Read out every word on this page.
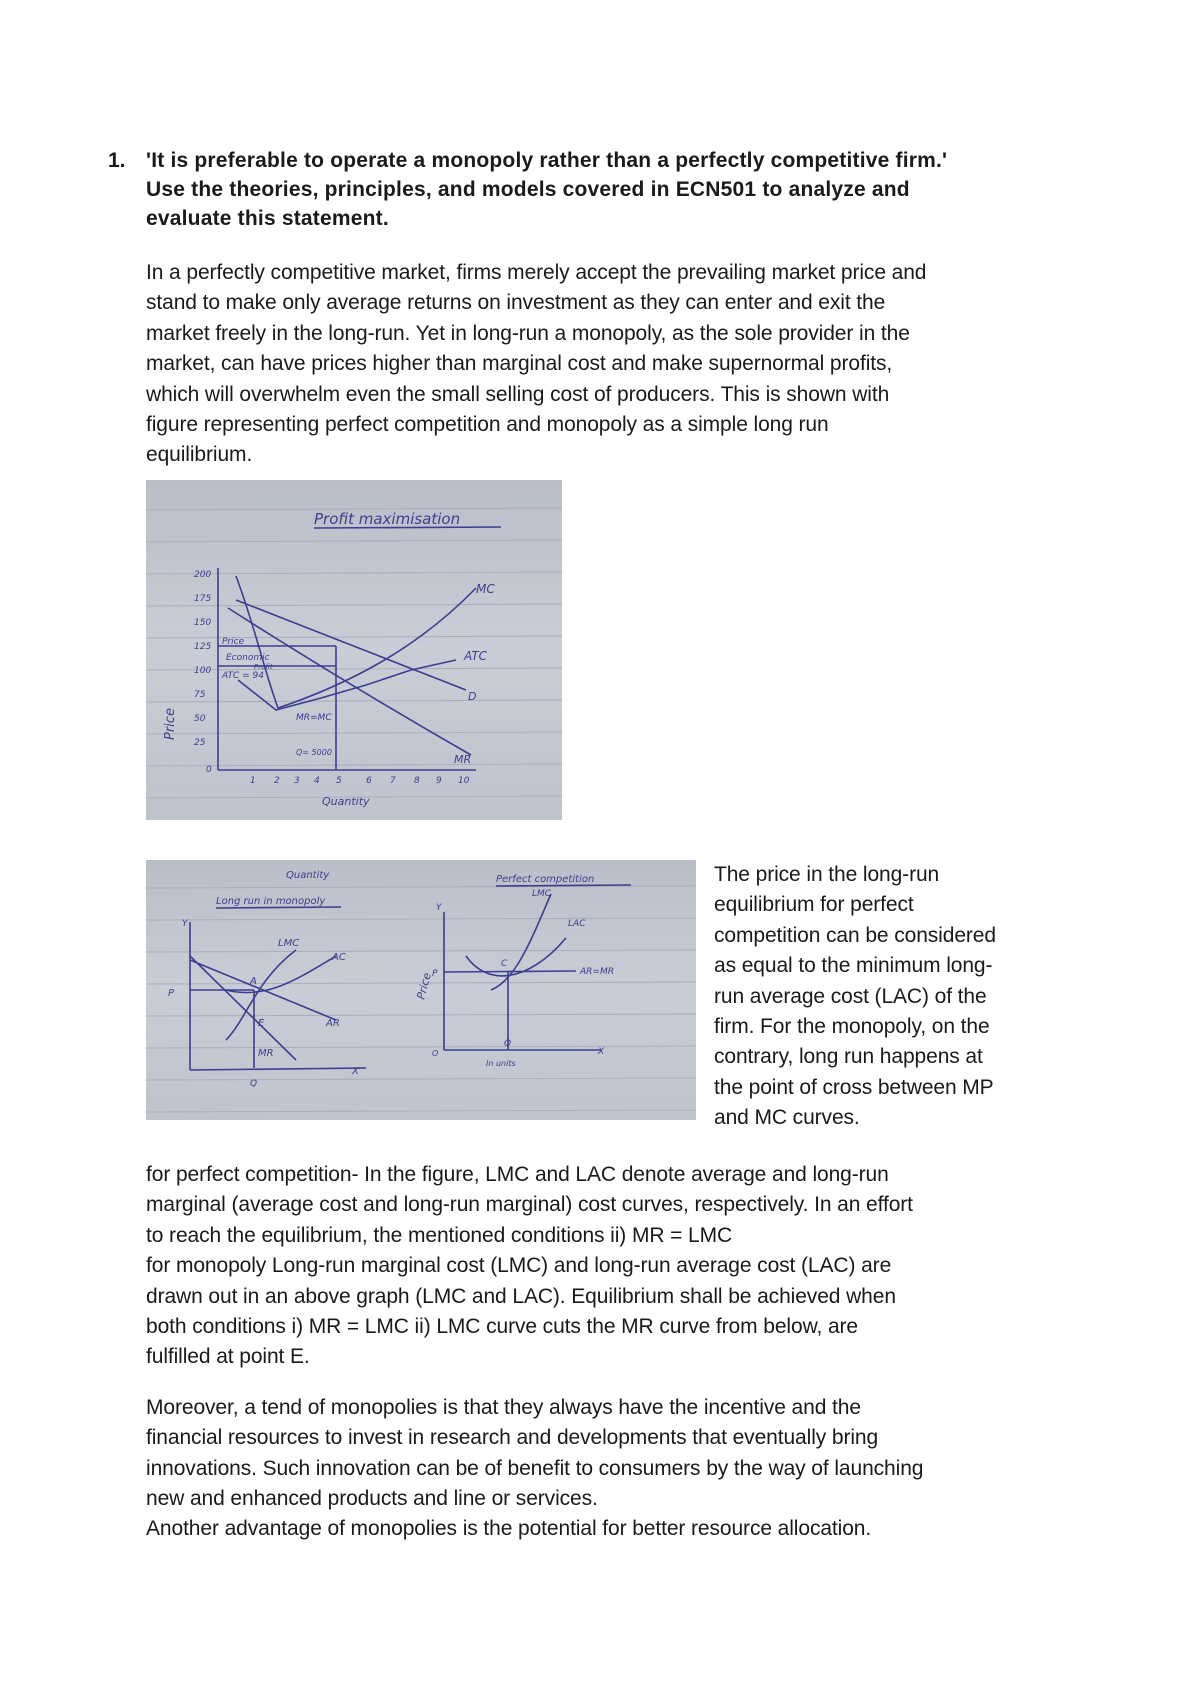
1. 'It is preferable to operate a monopoly rather than a perfectly competitive firm.'
Use the theories, principles, and models covered in ECN501 to analyze and
evaluate this statement.

In a perfectly competitive market, firms merely accept the prevailing market price and
stand to make only average returns on investment as they can enter and exit the
market freely in the long-run. Yet in long-run a monopoly, as the sole provider in the
market, can have prices higher than marginal cost and make supernormal profits,
which will overwhelm even the small selling cost of producers. This is shown with
figure representing perfect competition and monopoly as a simple long run
equilibrium.

Profit maximisation
200
175
150
125
100
75
50
25
0
1 2 3 4 5	6 7 8 9 10
Price
Quantity
MC
ATC
D
MR
Price
Economic
Profit
ATC = 94
MR=MC
Q= 5000
Quantity
Long run in monopoly
Perfect competition
Y
X
P
Q
LMC
AC
AR
MR
A
E
Y
X
O
Price
P
LMC
LAC
AR=MR
C
Q
In units

The price in the long-run
equilibrium for perfect
competition can be considered
as equal to the minimum long-
run average cost (LAC) of the
firm. For the monopoly, on the
contrary, long run happens at
the point of cross between MP
and MC curves.

for perfect competition- In the figure, LMC and LAC denote average and long-run
marginal (average cost and long-run marginal) cost curves, respectively. In an effort
to reach the equilibrium, the mentioned conditions ii) MR = LMC
for monopoly Long-run marginal cost (LMC) and long-run average cost (LAC) are
drawn out in an above graph (LMC and LAC). Equilibrium shall be achieved when
both conditions i) MR = LMC ii) LMC curve cuts the MR curve from below, are
fulfilled at point E.

Moreover, a tend of monopolies is that they always have the incentive and the
financial resources to invest in research and developments that eventually bring
innovations. Such innovation can be of benefit to consumers by the way of launching
new and enhanced products and line or services.

Another advantage of monopolies is the potential for better resource allocation.
